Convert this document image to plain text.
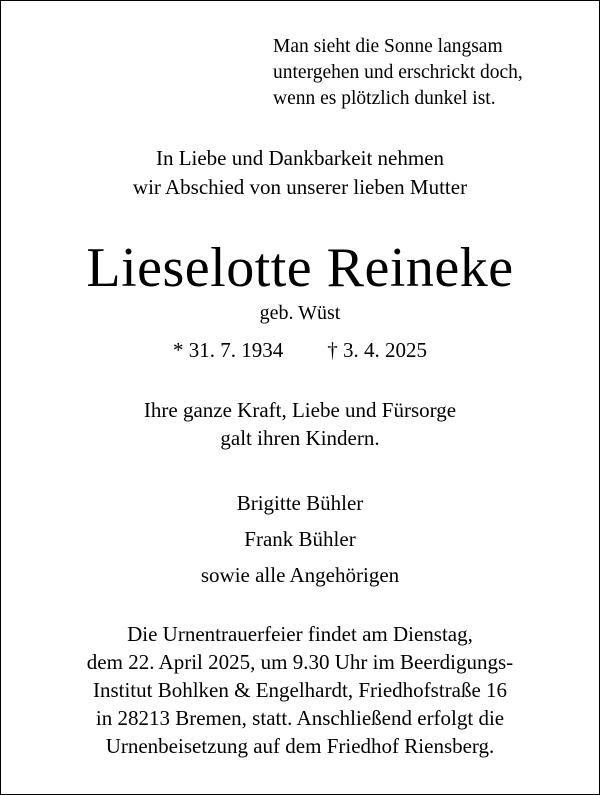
Man sieht die Sonne langsam
untergehen und erschrickt doch,
wenn es plötzlich dunkel ist.
In Liebe und Dankbarkeit nehmen
wir Abschied von unserer lieben Mutter
Lieselotte Reineke
geb. Wüst
* 31. 7. 1934 † 3. 4. 2025
Ihre ganze Kraft, Liebe und Fürsorge
galt ihren Kindern.
Brigitte Bühler
Frank Bühler
sowie alle Angehörigen
Die Urnentrauerfeier findet am Dienstag,
dem 22. April 2025, um 9.30 Uhr im Beerdigungs-
Institut Bohlken & Engelhardt, Friedhofstraße 16
in 28213 Bremen, statt. Anschließend erfolgt die
Urnenbeisetzung auf dem Friedhof Riensberg.
